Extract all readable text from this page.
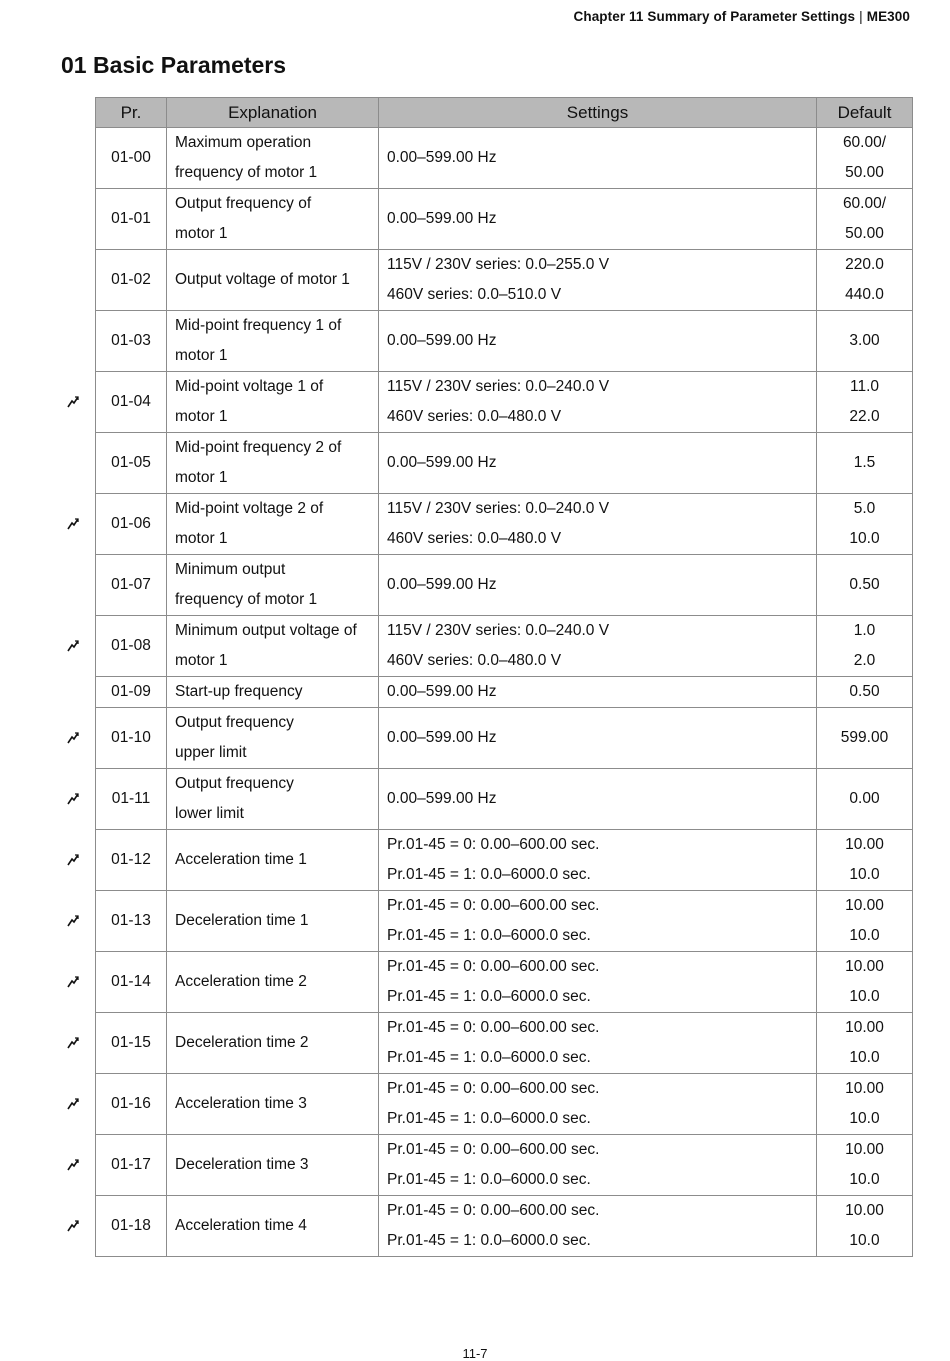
Chapter 11 Summary of Parameter Settings | ME300
01 Basic Parameters
Pr.	Explanation	Settings	Default
01-00	Maximum operation
frequency of motor 1	0.00–599.00 Hz	60.00/
50.00

01-01	Output frequency of
motor 1	0.00–599.00 Hz	60.00/
50.00

01-02	Output voltage of motor 1	115V / 230V series: 0.0–255.0 V
460V series: 0.0–510.0 V	220.0
440.0

01-03	Mid-point frequency 1 of
motor 1	0.00–599.00 Hz	3.00

01-04	Mid-point voltage 1 of
motor 1	115V / 230V series: 0.0–240.0 V
460V series: 0.0–480.0 V	11.0
22.0

01-05	Mid-point frequency 2 of
motor 1	0.00–599.00 Hz	1.5

01-06	Mid-point voltage 2 of
motor 1	115V / 230V series: 0.0–240.0 V
460V series: 0.0–480.0 V	5.0
10.0

01-07	Minimum output
frequency of motor 1	0.00–599.00 Hz	0.50

01-08	Minimum output voltage of
motor 1	115V / 230V series: 0.0–240.0 V
460V series: 0.0–480.0 V	1.0
2.0

01-09	Start-up frequency	0.00–599.00 Hz	0.50

01-10	Output frequency
upper limit	0.00–599.00 Hz	599.00

01-11	Output frequency
lower limit	0.00–599.00 Hz	0.00

01-12	Acceleration time 1	Pr.01-45 = 0: 0.00–600.00 sec.
Pr.01-45 = 1: 0.0–6000.0 sec.	10.00
10.0

01-13	Deceleration time 1	Pr.01-45 = 0: 0.00–600.00 sec.
Pr.01-45 = 1: 0.0–6000.0 sec.	10.00
10.0

01-14	Acceleration time 2	Pr.01-45 = 0: 0.00–600.00 sec.
Pr.01-45 = 1: 0.0–6000.0 sec.	10.00
10.0

01-15	Deceleration time 2	Pr.01-45 = 0: 0.00–600.00 sec.
Pr.01-45 = 1: 0.0–6000.0 sec.	10.00
10.0

01-16	Acceleration time 3	Pr.01-45 = 0: 0.00–600.00 sec.
Pr.01-45 = 1: 0.0–6000.0 sec.	10.00
10.0

01-17	Deceleration time 3	Pr.01-45 = 0: 0.00–600.00 sec.
Pr.01-45 = 1: 0.0–6000.0 sec.	10.00
10.0

01-18	Acceleration time 4	Pr.01-45 = 0: 0.00–600.00 sec.
Pr.01-45 = 1: 0.0–6000.0 sec.	10.00
10.0
11-7
